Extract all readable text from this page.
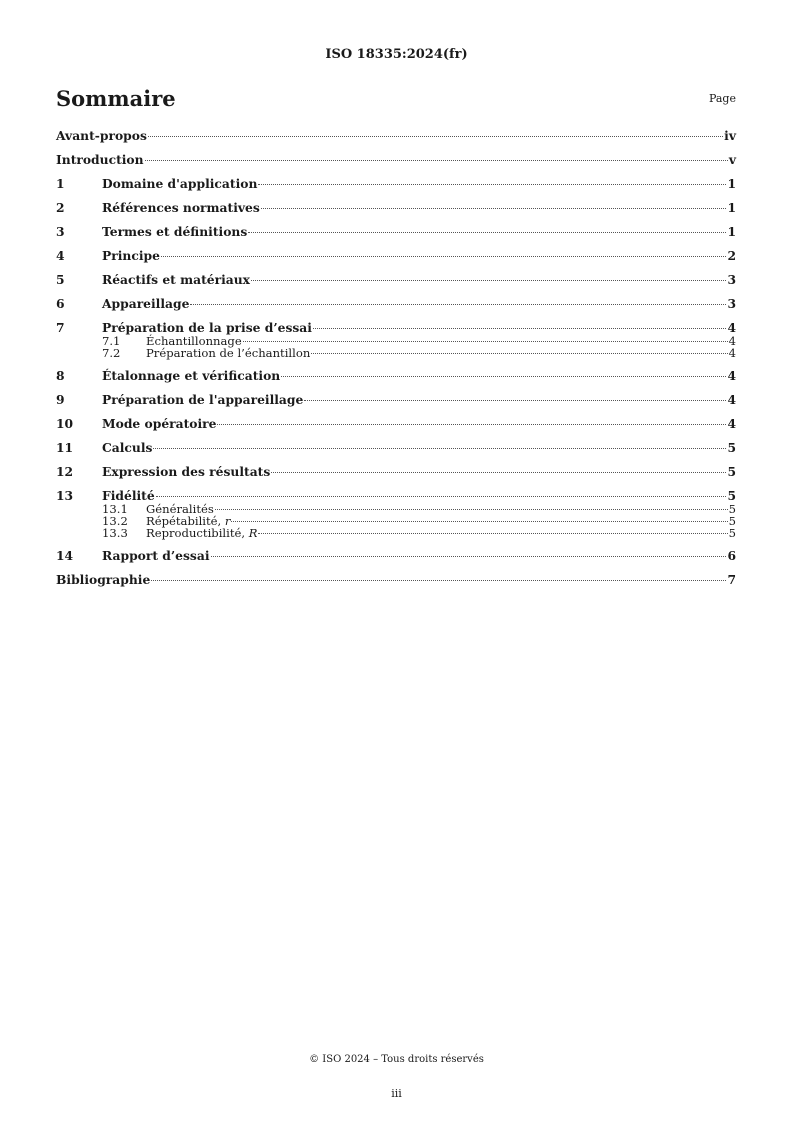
ISO 18335:2024(fr)
Sommaire	Page
Avant-propos	iv
Introduction	v
1	Domaine d'application	1
2	Références normatives	1
3	Termes et définitions	1
4	Principe	2
5	Réactifs et matériaux	3
6	Appareillage	3
7	Préparation de la prise d’essai	4
7.1	Échantillonnage	4
7.2	Préparation de l’échantillon	4
8	Étalonnage et vérification	4
9	Préparation de l'appareillage	4
10	Mode opératoire	4
11	Calculs	5
12	Expression des résultats	5
13	Fidélité	5
13.1	Généralités	5
13.2	Répétabilité, r	5
13.3	Reproductibilité, R	5
14	Rapport d’essai	6
Bibliographie	7
© ISO 2024 – Tous droits réservés
iii
